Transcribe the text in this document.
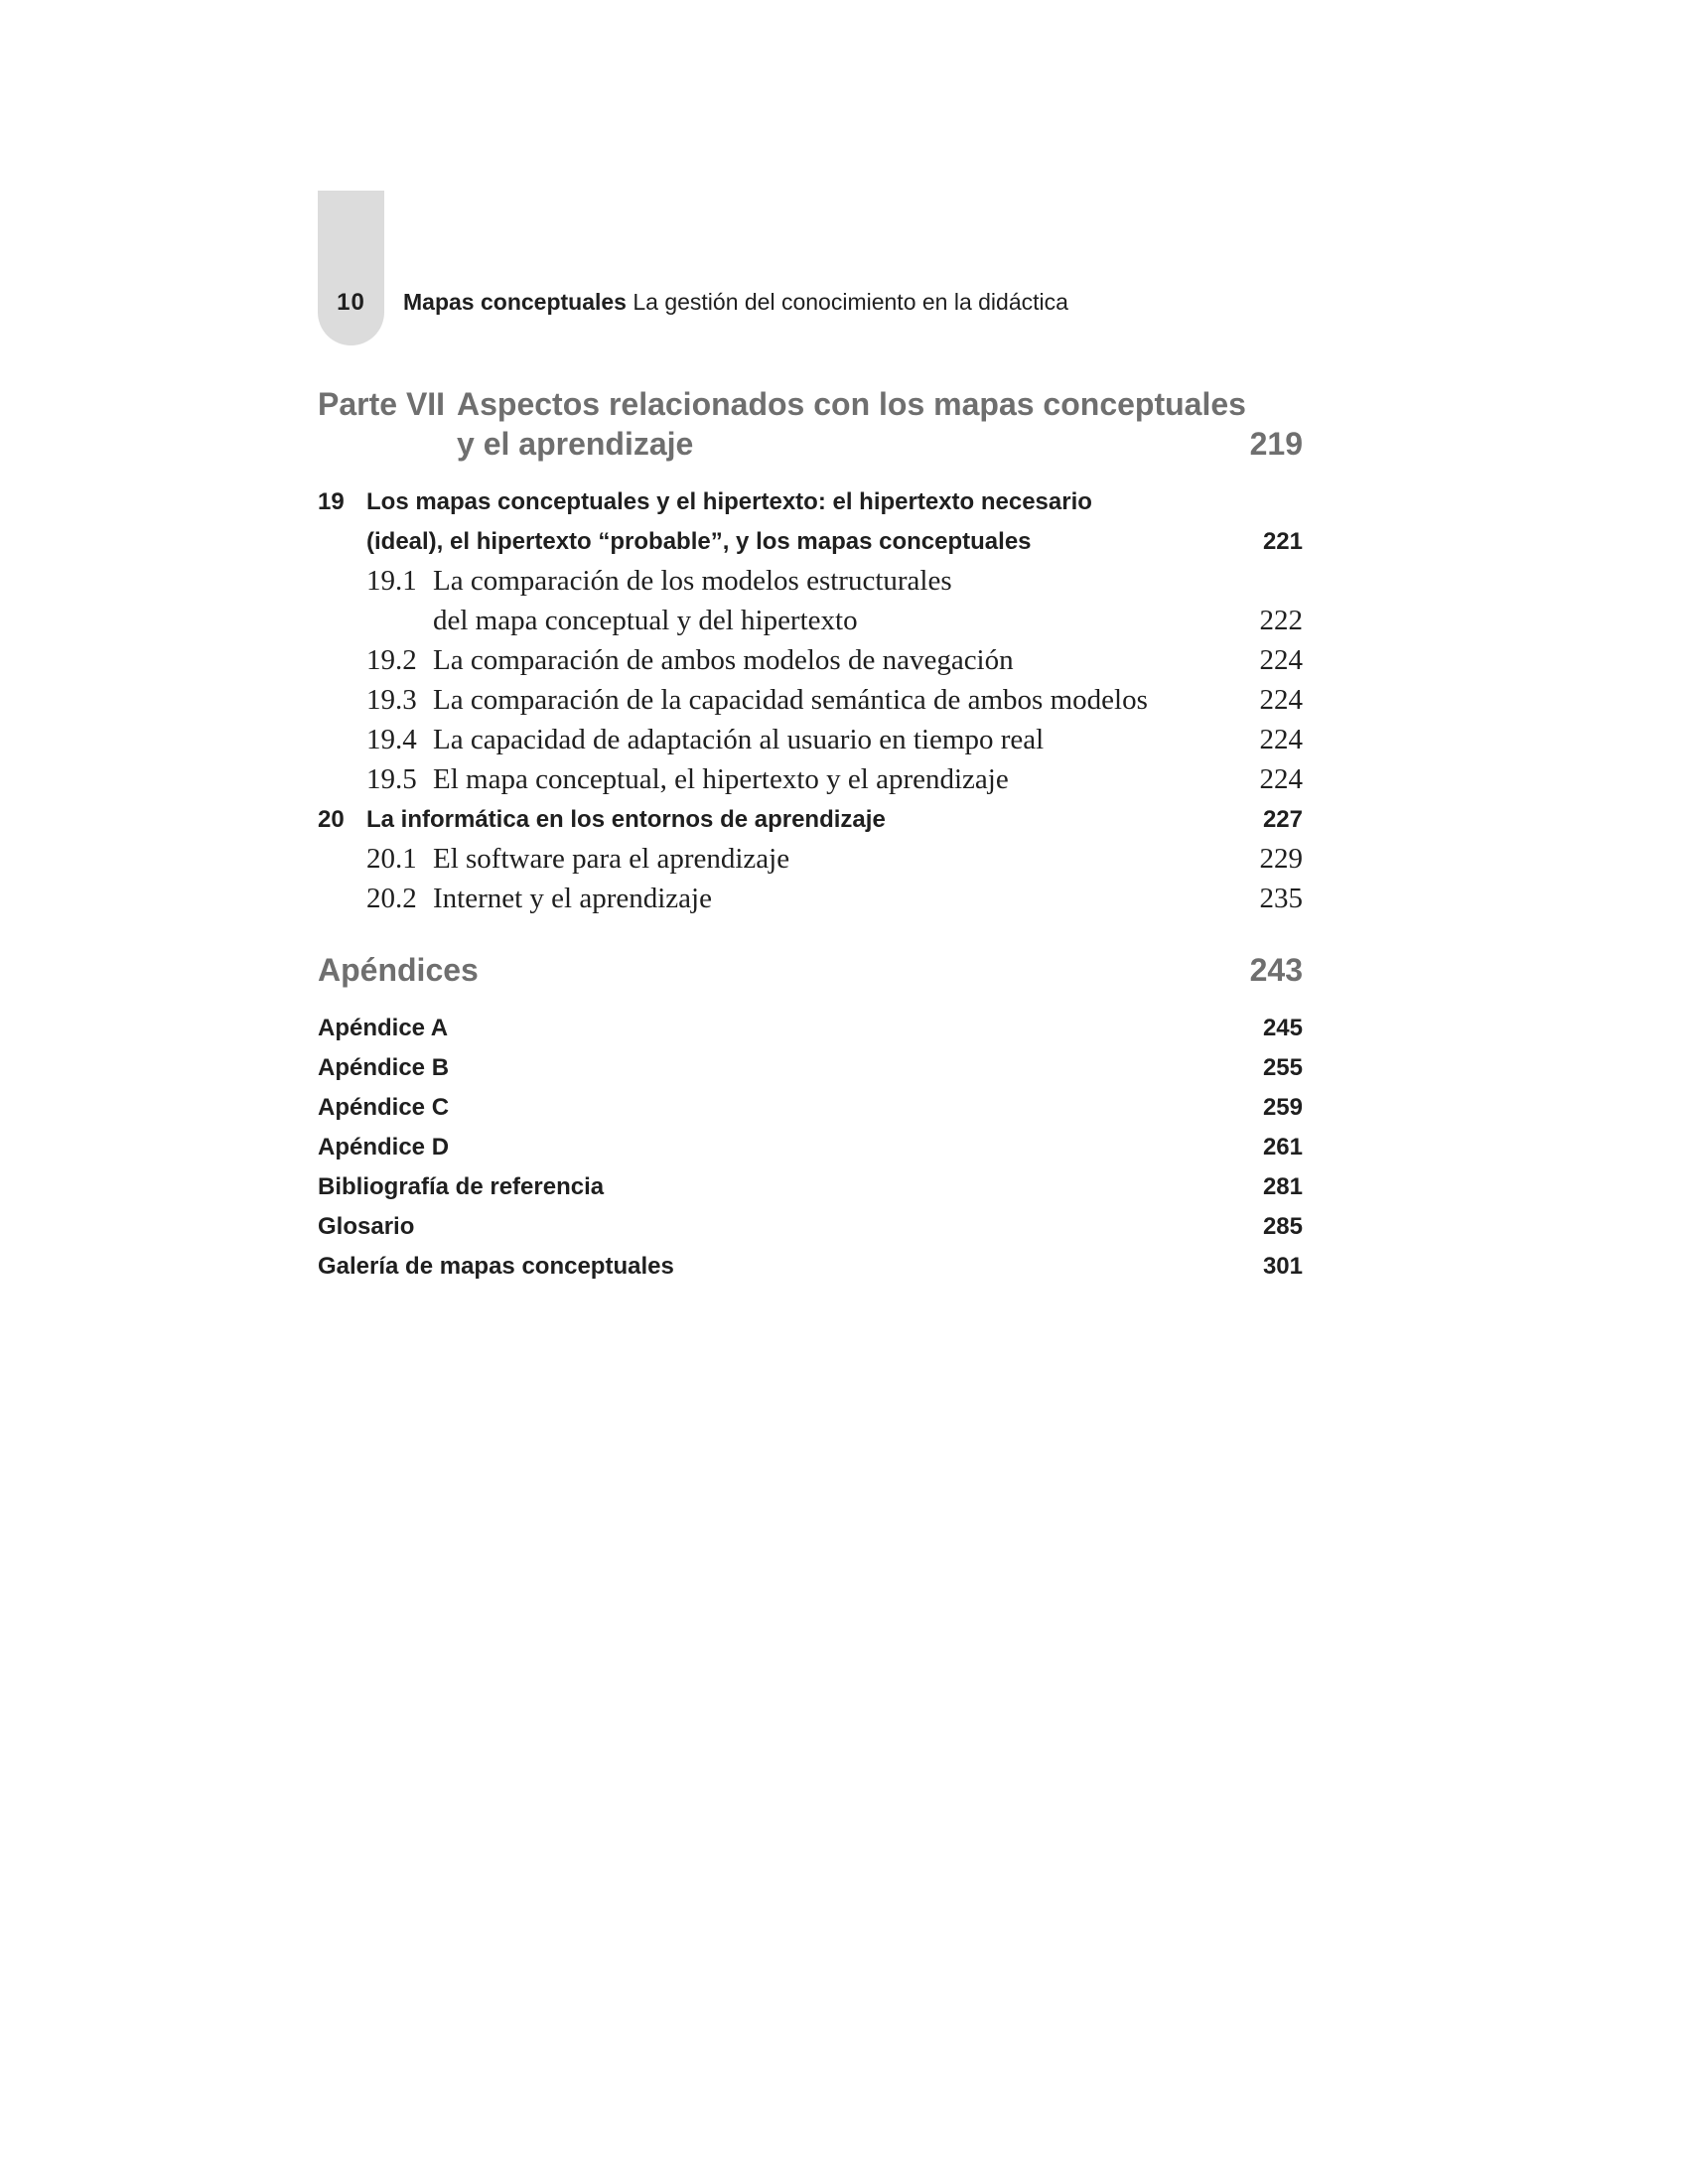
10	Mapas conceptuales La gestión del conocimiento en la didáctica
Parte VII Aspectos relacionados con los mapas conceptuales
y el aprendizaje	219
19 Los mapas conceptuales y el hipertexto: el hipertexto necesario
(ideal), el hipertexto “probable”, y los mapas conceptuales	221
19.1 La comparación de los modelos estructurales
del mapa conceptual y del hipertexto	222
19.2 La comparación de ambos modelos de navegación	224
19.3 La comparación de la capacidad semántica de ambos modelos	224
19.4 La capacidad de adaptación al usuario en tiempo real	224
19.5 El mapa conceptual, el hipertexto y el aprendizaje	224
20 La informática en los entornos de aprendizaje	227
20.1 El software para el aprendizaje	229
20.2 Internet y el aprendizaje	235
Apéndices	243
Apéndice A	245
Apéndice B	255
Apéndice C	259
Apéndice D	261
Bibliografía de referencia	281
Glosario	285
Galería de mapas conceptuales	301
